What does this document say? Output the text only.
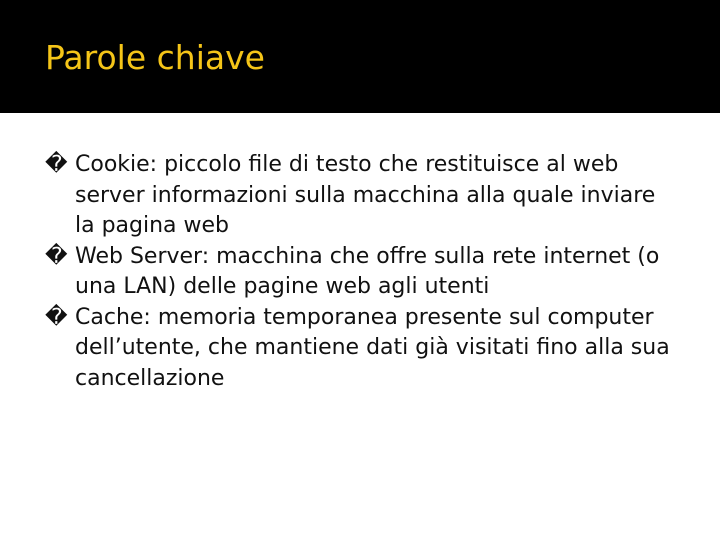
Parole chiave
� Cookie: piccolo file di testo che restituisce al web server informazioni sulla macchina alla quale inviare la pagina web
� Web Server: macchina che offre sulla rete internet (o una LAN) delle pagine web agli utenti
� Cache: memoria temporanea presente sul computer dell’utente, che mantiene dati già visitati fino alla sua cancellazione
